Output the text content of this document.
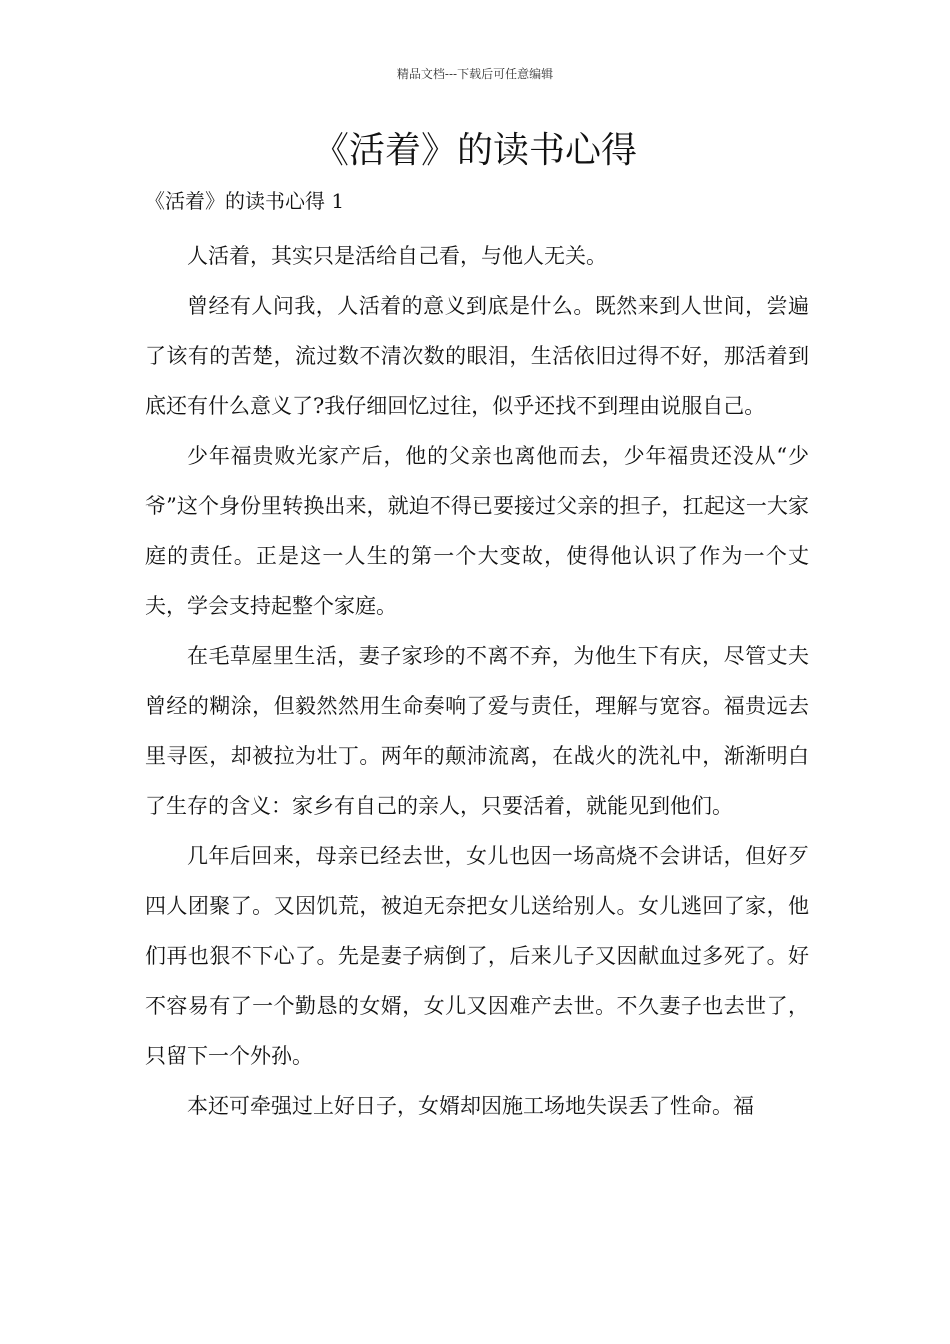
精品文档---下载后可任意编辑
《活着》的读书心得

《活着》的读书心得 1

人活着，其实只是活给自己看，与他人无关。

曾经有人问我，人活着的意义到底是什么。既然来到人世间，尝遍了该有的苦楚，流过数不清次数的眼泪，生活依旧过得不好，那活着到底还有什么意义了?我仔细回忆过往，似乎还找不到理由说服自己。

少年福贵败光家产后，他的父亲也离他而去，少年福贵还没从“少爷”这个身份里转换出来，就迫不得已要接过父亲的担子，扛起这一大家庭的责任。正是这一人生的第一个大变故，使得他认识了作为一个丈夫，学会支持起整个家庭。

在毛草屋里生活，妻子家珍的不离不弃，为他生下有庆，尽管丈夫曾经的糊涂，但毅然然用生命奏响了爱与责任，理解与宽容。福贵远去里寻医，却被拉为壮丁。两年的颠沛流离，在战火的洗礼中，渐渐明白了生存的含义：家乡有自己的亲人，只要活着，就能见到他们。

几年后回来，母亲已经去世，女儿也因一场高烧不会讲话，但好歹四人团聚了。又因饥荒，被迫无奈把女儿送给别人。女儿逃回了家，他们再也狠不下心了。先是妻子病倒了，后来儿子又因献血过多死了。好不容易有了一个勤恳的女婿，女儿又因难产去世。不久妻子也去世了，只留下一个外孙。

本还可牵强过上好日子，女婿却因施工场地失误丢了性命。福
